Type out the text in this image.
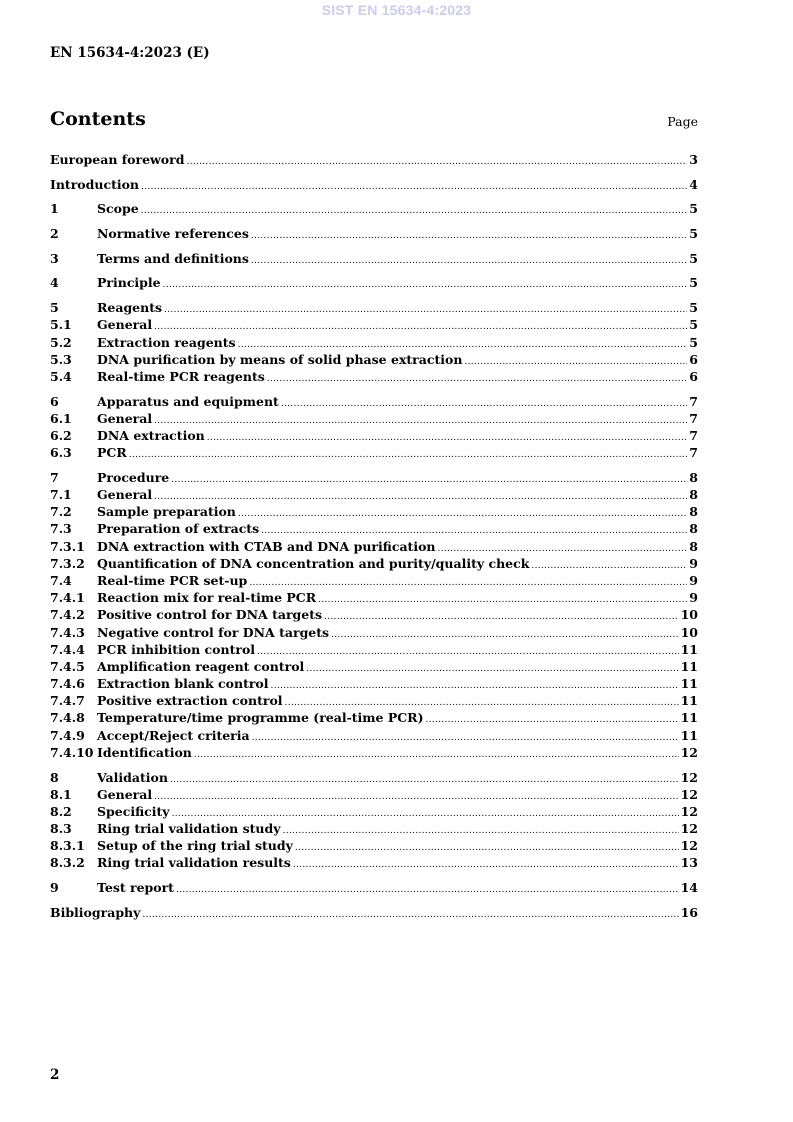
SIST EN 15634-4:2023
EN 15634-4:2023 (E)
Contents	Page
European foreword .....	3
Introduction .....	4
1	Scope .....	5
2	Normative references .....	5
3	Terms and definitions .....	5
4	Principle .....	5
5	Reagents .....	5
5.1	General .....	5
5.2	Extraction reagents .....	5
5.3	DNA purification by means of solid phase extraction .....	6
5.4	Real-time PCR reagents .....	6
6	Apparatus and equipment .....	7
6.1	General .....	7
6.2	DNA extraction .....	7
6.3	PCR .....	7
7	Procedure .....	8
7.1	General .....	8
7.2	Sample preparation .....	8
7.3	Preparation of extracts .....	8
7.3.1 DNA extraction with CTAB and DNA purification .....	8
7.3.2 Quantification of DNA concentration and purity/quality check .....	9
7.4	Real-time PCR set-up .....	9
7.4.1 Reaction mix for real-time PCR .....	9
7.4.2 Positive control for DNA targets .....	10
7.4.3 Negative control for DNA targets .....	10
7.4.4 PCR inhibition control .....	11
7.4.5 Amplification reagent control .....	11
7.4.6 Extraction blank control .....	11
7.4.7 Positive extraction control .....	11
7.4.8 Temperature/time programme (real-time PCR) .....	11
7.4.9 Accept/Reject criteria .....	11
7.4.10 Identification .....	12
8	Validation .....	12
8.1	General .....	12
8.2	Specificity .....	12
8.3	Ring trial validation study .....	12
8.3.1 Setup of the ring trial study .....	12
8.3.2 Ring trial validation results .....	13
9	Test report .....	14
Bibliography .....	16
2
